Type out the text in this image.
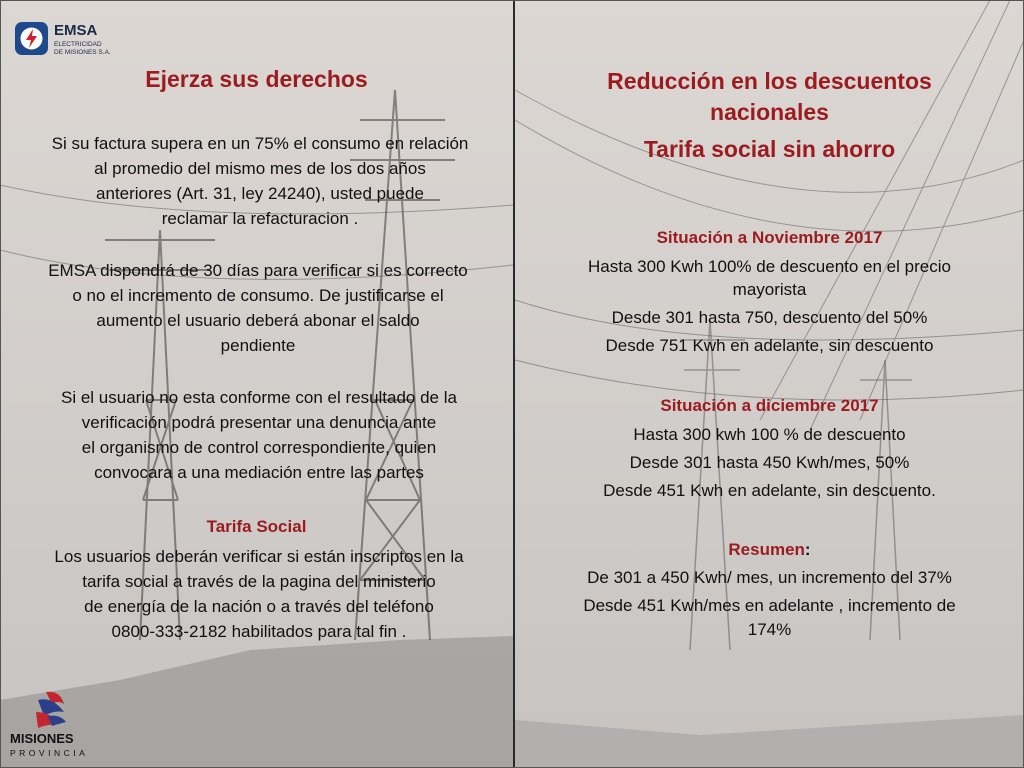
EMSA
ELECTRICIDAD
DE MISIONES S.A.
MISIONES
PROVINCIA
Ejerza sus derechos
Si su factura supera en un 75% el consumo en relación
al promedio del mismo mes de los dos años
anteriores (Art. 31, ley 24240), usted puede
reclamar la refacturacion .
EMSA dispondrá de 30 días para verificar si es correcto
o no el incremento de consumo. De justificarse el
aumento el usuario deberá abonar el saldo
pendiente
Si el usuario no esta conforme con el resultado de la
verificación podrá presentar una denuncia ante
el organismo de control correspondiente, quien
convocara a una mediación entre las partes
Tarifa Social
Los usuarios deberán verificar si están inscriptos en la
tarifa social a través de la pagina del ministerio
de energía de la nación o a través del teléfono
0800-333-2182 habilitados para tal fin .
Reducción en los descuentos
nacionales
Tarifa social sin ahorro
Situación a Noviembre 2017
Hasta 300 Kwh 100% de descuento en el precio
mayorista
Desde 301 hasta 750, descuento del 50%
Desde 751 Kwh en adelante, sin descuento
Situación a diciembre 2017
Hasta 300 kwh 100 % de descuento
Desde 301 hasta 450 Kwh/mes, 50%
Desde 451 Kwh en adelante, sin descuento.
Resumen:
De 301 a 450 Kwh/ mes, un incremento del 37%
Desde 451 Kwh/mes en adelante , incremento de
174%
